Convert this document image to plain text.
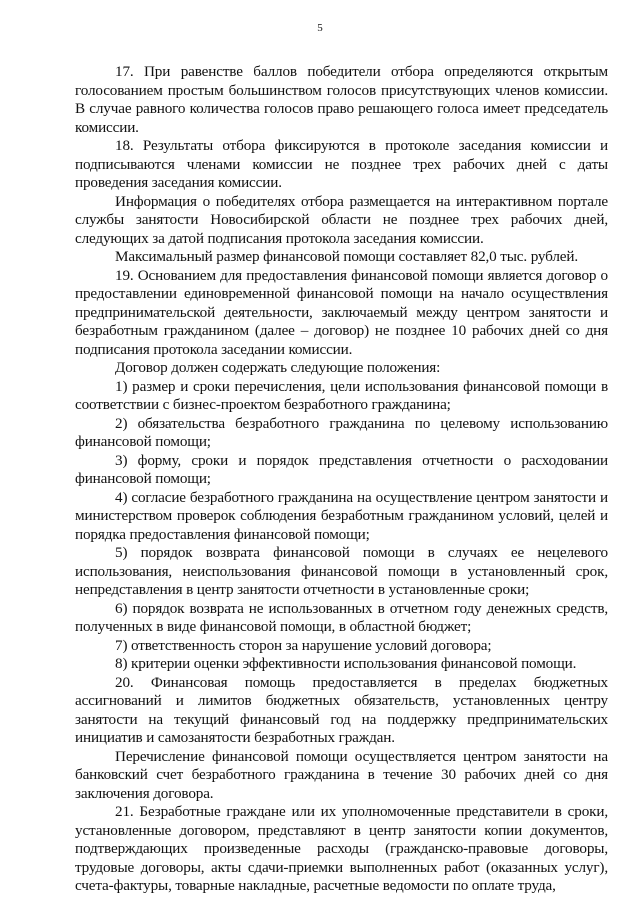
5

17. При равенстве баллов победители отбора определяются открытым голосованием простым большинством голосов присутствующих членов комиссии. В случае равного количества голосов право решающего голоса имеет председатель комиссии.

18. Результаты отбора фиксируются в протоколе заседания комиссии и подписываются членами комиссии не позднее трех рабочих дней с даты проведения заседания комиссии.

Информация о победителях отбора размещается на интерактивном портале службы занятости Новосибирской области не позднее трех рабочих дней, следующих за датой подписания протокола заседания комиссии.

Максимальный размер финансовой помощи составляет 82,0 тыс. рублей.

19. Основанием для предоставления финансовой помощи является договор о предоставлении единовременной финансовой помощи на начало осуществления предпринимательской деятельности, заключаемый между центром занятости и безработным гражданином (далее – договор) не позднее 10 рабочих дней со дня подписания протокола заседании комиссии.

Договор должен содержать следующие положения:

1) размер и сроки перечисления, цели использования финансовой помощи в соответствии с бизнес-проектом безработного гражданина;

2) обязательства безработного гражданина по целевому использованию финансовой помощи;

3) форму, сроки и порядок представления отчетности о расходовании финансовой помощи;

4) согласие безработного гражданина на осуществление центром занятости и министерством проверок соблюдения безработным гражданином условий, целей и порядка предоставления финансовой помощи;

5) порядок возврата финансовой помощи в случаях ее нецелевого использования, неиспользования финансовой помощи в установленный срок, непредставления в центр занятости отчетности в установленные сроки;

6) порядок возврата не использованных в отчетном году денежных средств, полученных в виде финансовой помощи, в областной бюджет;

7) ответственность сторон за нарушение условий договора;

8) критерии оценки эффективности использования финансовой помощи.

20. Финансовая помощь предоставляется в пределах бюджетных ассигнований и лимитов бюджетных обязательств, установленных центру занятости на текущий финансовый год на поддержку предпринимательских инициатив и самозанятости безработных граждан.

Перечисление финансовой помощи осуществляется центром занятости на банковский счет безработного гражданина в течение 30 рабочих дней со дня заключения договора.

21. Безработные граждане или их уполномоченные представители в сроки, установленные договором, представляют в центр занятости копии документов, подтверждающих произведенные расходы (гражданско-правовые договоры, трудовые договоры, акты сдачи-приемки выполненных работ (оказанных услуг), счета-фактуры, товарные накладные, расчетные ведомости по оплате труда,
